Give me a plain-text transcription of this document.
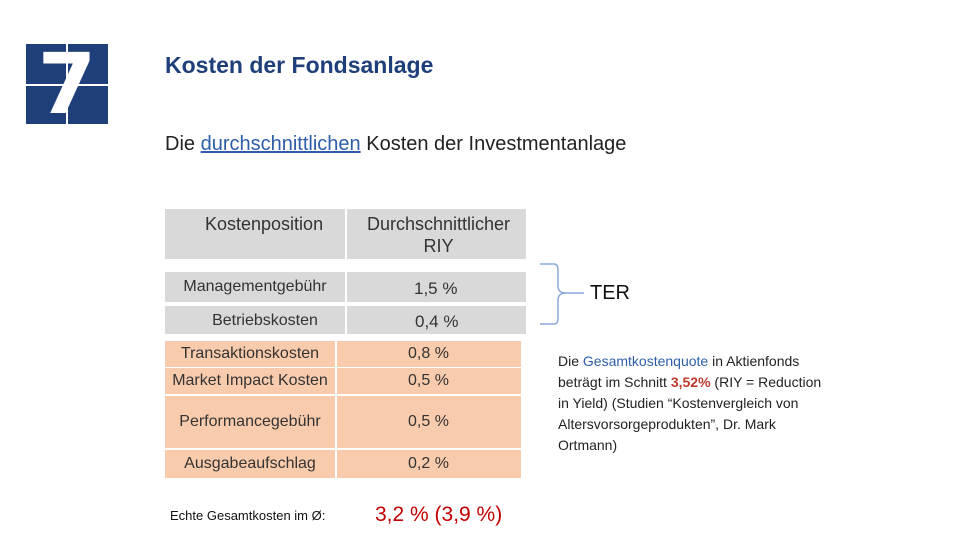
7	Kosten der Fondsanlage
Die durchschnittlichen Kosten der Investmentanlage
Kostenposition	Durchschnittlicher RIY
Managementgebühr	1,5 %
Betriebskosten	0,4 %
Transaktionskosten	0,8 %
Market Impact Kosten	0,5 %
Performancegebühr	0,5 %
Ausgabeaufschlag	0,2 %
Echte Gesamtkosten im Ø: 3,2 % (3,9 %)
TER
Die Gesamtkostenquote in Aktienfonds beträgt im Schnitt 3,52% (RIY = Reduction in Yield) (Studien “Kostenvergleich von Altersvorsorgeprodukten”, Dr. Mark Ortmann)
